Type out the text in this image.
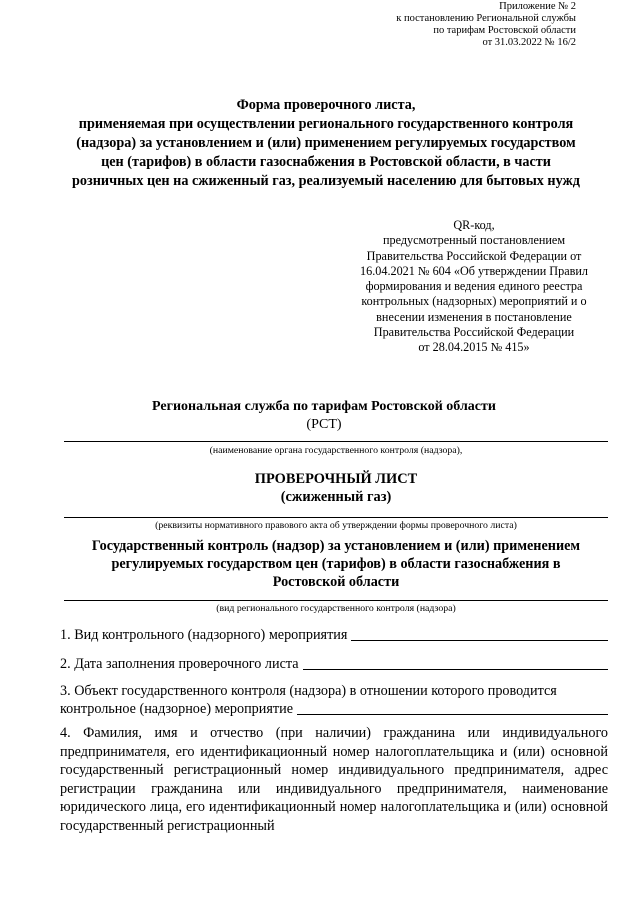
Приложение № 2
к постановлению Региональной службы
по тарифам Ростовской области
от 31.03.2022 № 16/2
Форма проверочного листа,
применяемая при осуществлении регионального государственного контроля
(надзора) за установлением и (или) применением регулируемых государством
цен (тарифов) в области газоснабжения в Ростовской области, в части
розничных цен на сжиженный газ, реализуемый населению для бытовых нужд
QR-код,
предусмотренный постановлением
Правительства Российской Федерации от
16.04.2021 № 604 «Об утверждении Правил
формирования и ведения единого реестра
контрольных (надзорных) мероприятий и о
внесении изменения в постановление
Правительства Российской Федерации
от 28.04.2015 № 415»
Региональная служба по тарифам Ростовской области
(РСТ)
(наименование органа государственного контроля (надзора),
ПРОВЕРОЧНЫЙ ЛИСТ
(сжиженный газ)
(реквизиты нормативного правового акта об утверждении формы проверочного листа)
Государственный контроль (надзор) за установлением и (или) применением
регулируемых государством цен (тарифов) в области газоснабжения в
Ростовской области
(вид регионального государственного контроля (надзора)
1. Вид контрольного (надзорного) мероприятия
2. Дата заполнения проверочного листа
3. Объект государственного контроля (надзора) в отношении которого проводится
контрольное (надзорное) мероприятие
4. Фамилия, имя и отчество (при наличии) гражданина или индивидуального предпринимателя, его идентификационный номер налогоплательщика и (или) основной государственный регистрационный номер индивидуального предпринимателя, адрес регистрации гражданина или индивидуального предпринимателя, наименование юридического лица, его идентификационный номер налогоплательщика и (или) основной государственный регистрационный
